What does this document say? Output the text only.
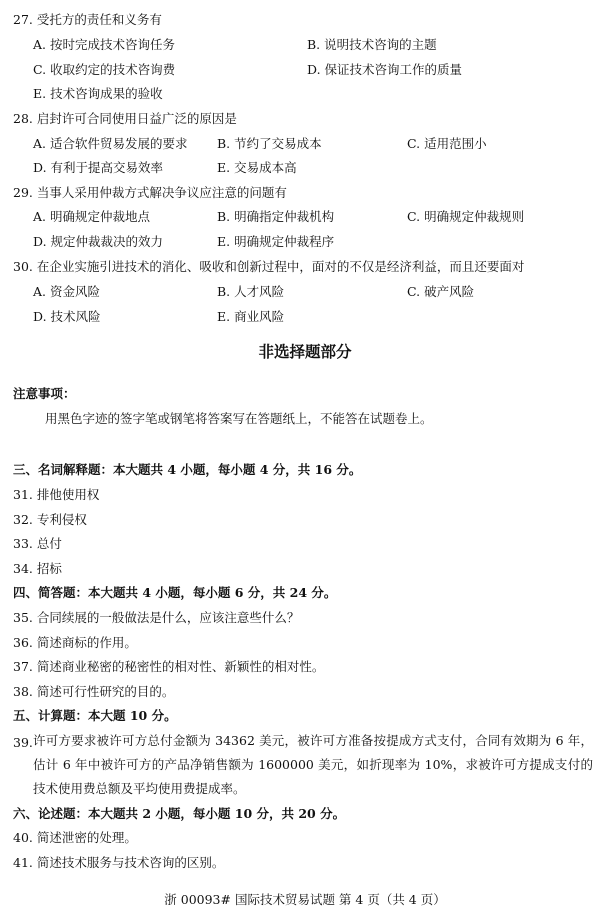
27. 受托方的责任和义务有
A. 按时完成技术咨询任务	B. 说明技术咨询的主题
C. 收取约定的技术咨询费	D. 保证技术咨询工作的质量
E. 技术咨询成果的验收
28. 启封许可合同使用日益广泛的原因是
A. 适合软件贸易发展的要求 B. 节约了交易成本	C. 适用范围小
D. 有利于提高交易效率	E. 交易成本高
29. 当事人采用仲裁方式解决争议应注意的问题有
A. 明确规定仲裁地点	B. 明确指定仲裁机构	C. 明确规定仲裁规则
D. 规定仲裁裁决的效力	E. 明确规定仲裁程序
30. 在企业实施引进技术的消化、吸收和创新过程中，面对的不仅是经济利益，而且还要面对
A. 资金风险	B. 人才风险	C. 破产风险
D. 技术风险	E. 商业风险
非选择题部分
注意事项：
用黑色字迹的签字笔或钢笔将答案写在答题纸上，不能答在试题卷上。
三、名词解释题：本大题共 4 小题，每小题 4 分，共 16 分。
31. 排他使用权
32. 专利侵权
33. 总付
34. 招标
四、简答题：本大题共 4 小题，每小题 6 分，共 24 分。
35. 合同续展的一般做法是什么，应该注意些什么？
36. 简述商标的作用。
37. 简述商业秘密的秘密性的相对性、新颖性的相对性。
38. 简述可行性研究的目的。
五、计算题：本大题 10 分。
39. 许可方要求被许可方总付金额为 34362 美元，被许可方准备按提成方式支付，合同有效期为 6 年，估计 6 年中被许可方的产品净销售额为 1600000 美元，如折现率为 10%，求被许可方提成支付的技术使用费总额及平均使用费提成率。
六、论述题：本大题共 2 小题，每小题 10 分，共 20 分。
40. 简述泄密的处理。
41. 简述技术服务与技术咨询的区别。
浙 00093# 国际技术贸易试题 第 4 页（共 4 页）
